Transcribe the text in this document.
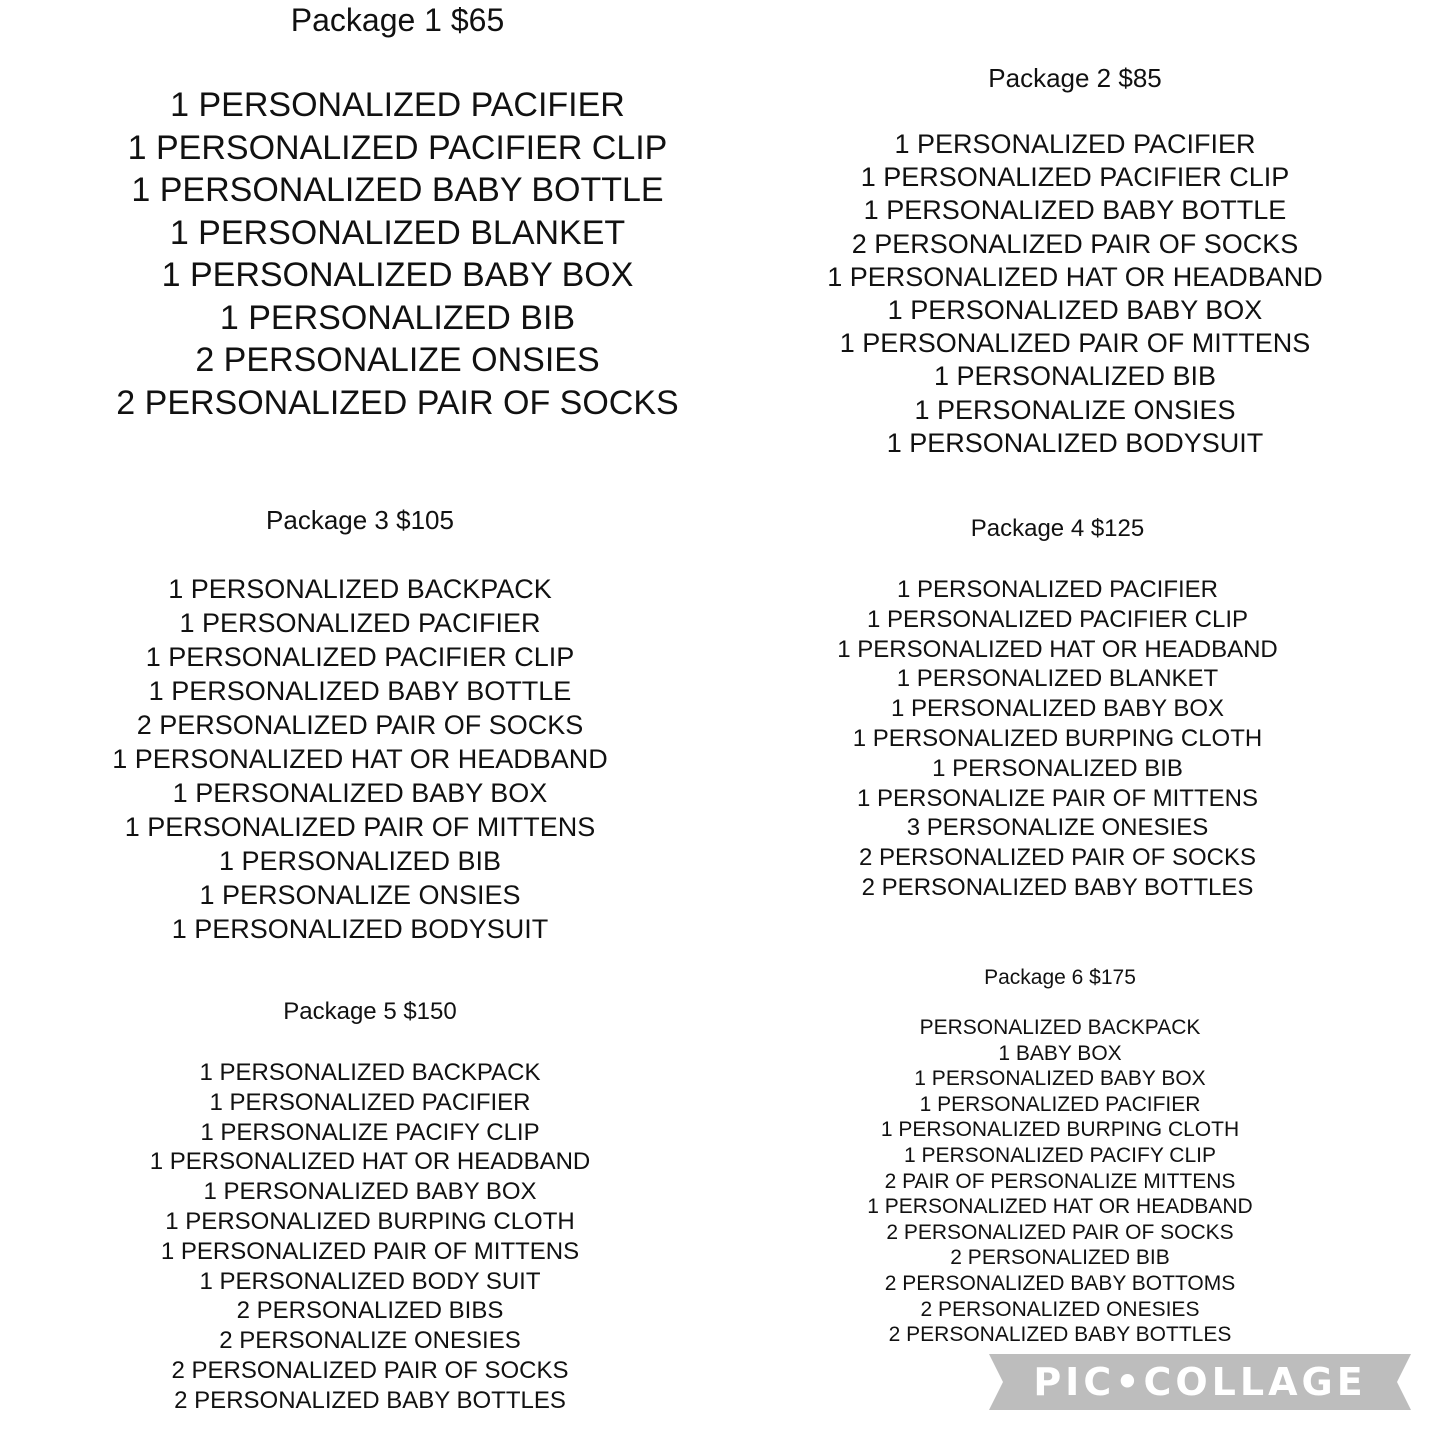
Package 1 $65
1 PERSONALIZED PACIFIER
1 PERSONALIZED PACIFIER CLIP
1 PERSONALIZED BABY BOTTLE
1 PERSONALIZED BLANKET
1 PERSONALIZED BABY BOX
1 PERSONALIZED BIB
2 PERSONALIZE ONSIES
2 PERSONALIZED PAIR OF SOCKS
Package 2 $85
1 PERSONALIZED PACIFIER
1 PERSONALIZED PACIFIER CLIP
1 PERSONALIZED BABY BOTTLE
2 PERSONALIZED PAIR OF SOCKS
1 PERSONALIZED HAT OR HEADBAND
1 PERSONALIZED BABY BOX
1 PERSONALIZED PAIR OF MITTENS
1 PERSONALIZED BIB
1 PERSONALIZE ONSIES
1 PERSONALIZED BODYSUIT
Package 3 $105
1 PERSONALIZED BACKPACK
1 PERSONALIZED PACIFIER
1 PERSONALIZED PACIFIER CLIP
1 PERSONALIZED BABY BOTTLE
2 PERSONALIZED PAIR OF SOCKS
1 PERSONALIZED HAT OR HEADBAND
1 PERSONALIZED BABY BOX
1 PERSONALIZED PAIR OF MITTENS
1 PERSONALIZED BIB
1 PERSONALIZE ONSIES
1 PERSONALIZED BODYSUIT
Package 4 $125
1 PERSONALIZED PACIFIER
1 PERSONALIZED PACIFIER CLIP
1 PERSONALIZED HAT OR HEADBAND
1 PERSONALIZED BLANKET
1 PERSONALIZED BABY BOX
1 PERSONALIZED BURPING CLOTH
1 PERSONALIZED BIB
1 PERSONALIZE PAIR OF MITTENS
3 PERSONALIZE ONESIES
2 PERSONALIZED PAIR OF SOCKS
2 PERSONALIZED BABY BOTTLES
Package 5 $150
1 PERSONALIZED BACKPACK
1 PERSONALIZED PACIFIER
1 PERSONALIZE PACIFY CLIP
1 PERSONALIZED HAT OR HEADBAND
1 PERSONALIZED BABY BOX
1 PERSONALIZED BURPING CLOTH
1 PERSONALIZED PAIR OF MITTENS
1 PERSONALIZED BODY SUIT
2 PERSONALIZED BIBS
2 PERSONALIZE ONESIES
2 PERSONALIZED PAIR OF SOCKS
2 PERSONALIZED BABY BOTTLES
Package 6 $175
PERSONALIZED BACKPACK
1 BABY BOX
1 PERSONALIZED BABY BOX
1 PERSONALIZED PACIFIER
1 PERSONALIZED BURPING CLOTH
1 PERSONALIZED PACIFY CLIP
2 PAIR OF PERSONALIZE MITTENS
1 PERSONALIZED HAT OR HEADBAND
2 PERSONALIZED PAIR OF SOCKS
2 PERSONALIZED BIB
2 PERSONALIZED BABY BOTTOMS
2 PERSONALIZED ONESIES
2 PERSONALIZED BABY BOTTLES
PIC•COLLAGE
